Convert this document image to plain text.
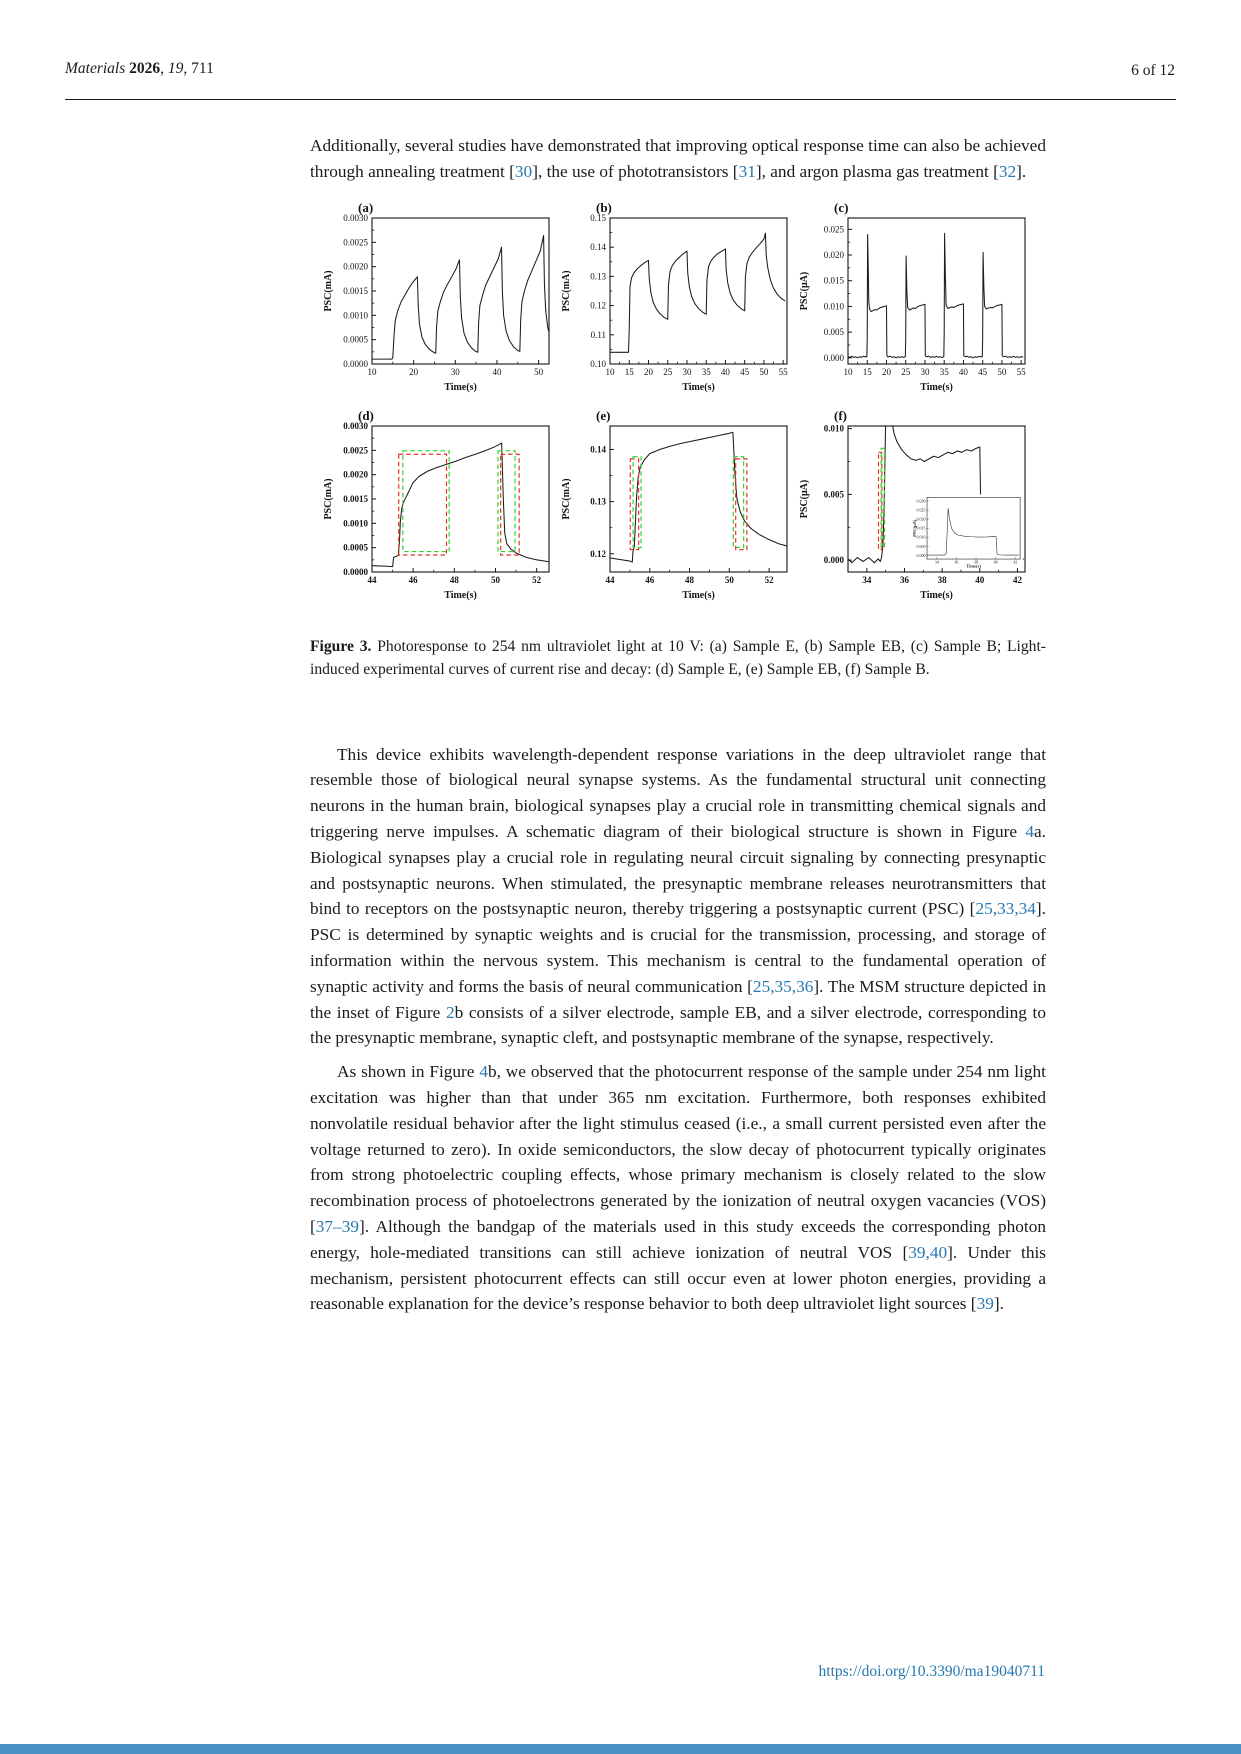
Materials 2026, 19, 711	6 of 12

Additionally, several studies have demonstrated that improving optical response time can also be achieved through annealing treatment [30], the use of phototransistors [31], and argon plasma gas treatment [32].

10	20	30	40	50
0.0000
0.0005
0.0010
0.0015
0.0020
0.0025
0.0030
Time(s)
PSC(mA)
(a)
10 15 20 25 30 35 40 45 50 55
0.10
0.11
0.12
0.13
0.14
0.15
Time(s)
PSC(mA)
(b)
10 15 20 25 30 35 40 45 50 55
0.000
0.005
0.010
0.015
0.020
0.025
Time(s)
PSC(μA)
(c)
44	46	48	50	52
0.0000
0.0005
0.0010
0.0015
0.0020
0.0025
0.0030
Time(s)
PSC(mA)
(d)
44	46	48	50	52
0.12
0.13
0.14
Time(s)
PSC(mA)
(e)
34	36	38	40	42
0.000
0.005
0.010
Time(s)
PSC(μA)
(f)
34	36	38	40	42
0.000
0.005
0.010
0.015
0.020
0.025
0.030
Time(s)
PSC(μA)

Figure 3. Photoresponse to 254 nm ultraviolet light at 10 V: (a) Sample E, (b) Sample EB, (c) Sample B; Light-induced experimental curves of current rise and decay: (d) Sample E, (e) Sample EB, (f) Sample B.

This device exhibits wavelength-dependent response variations in the deep ultraviolet range that resemble those of biological neural synapse systems. As the fundamental structural unit connecting neurons in the human brain, biological synapses play a crucial role in transmitting chemical signals and triggering nerve impulses. A schematic diagram of their biological structure is shown in Figure 4a. Biological synapses play a crucial role in regulating neural circuit signaling by connecting presynaptic and postsynaptic neurons. When stimulated, the presynaptic membrane releases neurotransmitters that bind to receptors on the postsynaptic neuron, thereby triggering a postsynaptic current (PSC) [25,33,34]. PSC is determined by synaptic weights and is crucial for the transmission, processing, and storage of information within the nervous system. This mechanism is central to the fundamental operation of synaptic activity and forms the basis of neural communication [25,35,36]. The MSM structure depicted in the inset of Figure 2b consists of a silver electrode, sample EB, and a silver electrode, corresponding to the presynaptic membrane, synaptic cleft, and postsynaptic membrane of the synapse, respectively.

As shown in Figure 4b, we observed that the photocurrent response of the sample under 254 nm light excitation was higher than that under 365 nm excitation. Furthermore, both responses exhibited nonvolatile residual behavior after the light stimulus ceased (i.e., a small current persisted even after the voltage returned to zero). In oxide semiconductors, the slow decay of photocurrent typically originates from strong photoelectric coupling effects, whose primary mechanism is closely related to the slow recombination process of photoelectrons generated by the ionization of neutral oxygen vacancies (VOS) [37–39]. Although the bandgap of the materials used in this study exceeds the corresponding photon energy, hole-mediated transitions can still achieve ionization of neutral VOS [39,40]. Under this mechanism, persistent photocurrent effects can still occur even at lower photon energies, providing a reasonable explanation for the device’s response behavior to both deep ultraviolet light sources [39].

https://doi.org/10.3390/ma19040711
